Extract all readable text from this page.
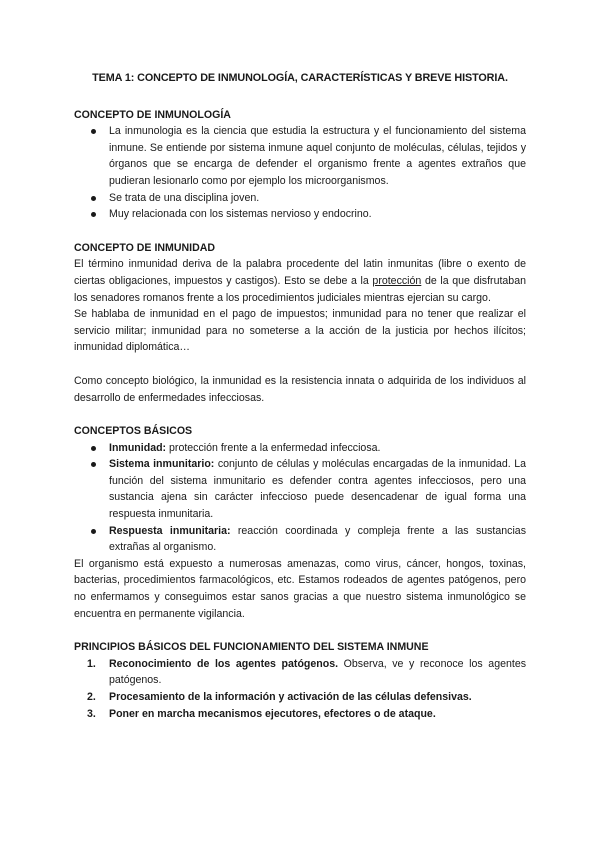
TEMA 1: CONCEPTO DE INMUNOLOGÍA, CARACTERÍSTICAS Y BREVE HISTORIA.
CONCEPTO DE INMUNOLOGÍA
La inmunologia es la ciencia que estudia la estructura y el funcionamiento del sistema inmune. Se entiende por sistema inmune aquel conjunto de moléculas, células, tejidos y órganos que se encarga de defender el organismo frente a agentes extraños que pudieran lesionarlo como por ejemplo los microorganismos.
Se trata de una disciplina joven.
Muy relacionada con los sistemas nervioso y endocrino.
CONCEPTO DE INMUNIDAD

El término inmunidad deriva de la palabra procedente del latin inmunitas (libre o exento de ciertas obligaciones, impuestos y castigos). Esto se debe a la protección de la que disfrutaban los senadores romanos frente a los procedimientos judiciales mientras ejercian su cargo.

Se hablaba de inmunidad en el pago de impuestos; inmunidad para no tener que realizar el servicio militar; inmunidad para no someterse a la acción de la justicia por hechos ilícitos; inmunidad diplomática…

Como concepto biológico, la inmunidad es la resistencia innata o adquirida de los individuos al desarrollo de enfermedades infecciosas.

CONCEPTOS BÁSICOS
Inmunidad: protección frente a la enfermedad infecciosa.
Sistema inmunitario: conjunto de células y moléculas encargadas de la inmunidad. La función del sistema inmunitario es defender contra agentes infecciosos, pero una sustancia ajena sin carácter infeccioso puede desencadenar de igual forma una respuesta inmunitaria.
Respuesta inmunitaria: reacción coordinada y compleja frente a las sustancias extrañas al organismo.

El organismo está expuesto a numerosas amenazas, como virus, cáncer, hongos, toxinas, bacterias, procedimientos farmacológicos, etc. Estamos rodeados de agentes patógenos, pero no enfermamos y conseguimos estar sanos gracias a que nuestro sistema inmunológico se encuentra en permanente vigilancia.

PRINCIPIOS BÁSICOS DEL FUNCIONAMIENTO DEL SISTEMA INMUNE
1. Reconocimiento de los agentes patógenos. Observa, ve y reconoce los agentes patógenos.
2. Procesamiento de la información y activación de las células defensivas.
3. Poner en marcha mecanismos ejecutores, efectores o de ataque.
